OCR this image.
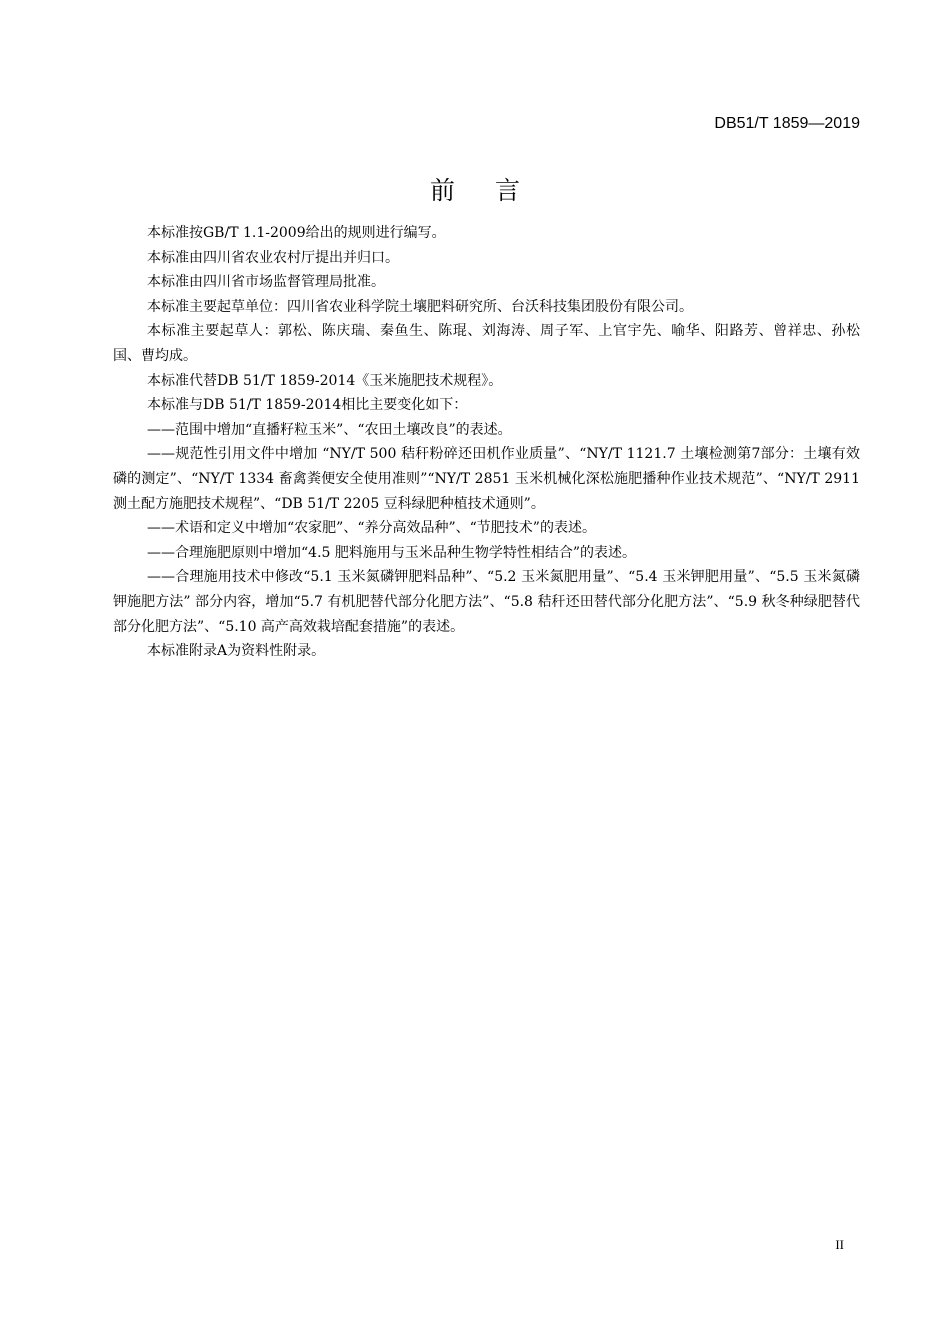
DB51/T 1859—2019
前言

本标准按GB/T 1.1-2009给出的规则进行编写。

本标准由四川省农业农村厅提出并归口。

本标准由四川省市场监督管理局批准。

本标准主要起草单位：四川省农业科学院土壤肥料研究所、台沃科技集团股份有限公司。

本标准主要起草人：郭松、陈庆瑞、秦鱼生、陈琨、刘海涛、周子军、上官宇先、喻华、阳路芳、曾祥忠、孙松国、曹均成。

本标准代替DB 51/T 1859-2014《玉米施肥技术规程》。

本标准与DB 51/T 1859-2014相比主要变化如下：

——范围中增加“直播籽粒玉米”、“农田土壤改良”的表述。

——规范性引用文件中增加 “NY/T 500 秸秆粉碎还田机作业质量”、“NY/T 1121.7 土壤检测第7部分：土壤有效磷的测定”、“NY/T 1334 畜禽粪便安全使用准则”“NY/T 2851 玉米机械化深松施肥播种作业技术规范”、“NY/T 2911 测土配方施肥技术规程”、“DB 51/T 2205 豆科绿肥种植技术通则”。

——术语和定义中增加“农家肥”、“养分高效品种”、“节肥技术”的表述。

——合理施肥原则中增加“4.5 肥料施用与玉米品种生物学特性相结合”的表述。

——合理施用技术中修改“5.1 玉米氮磷钾肥料品种”、“5.2 玉米氮肥用量”、“5.4 玉米钾肥用量”、“5.5 玉米氮磷钾施肥方法” 部分内容，增加“5.7 有机肥替代部分化肥方法”、“5.8 秸秆还田替代部分化肥方法”、“5.9 秋冬种绿肥替代部分化肥方法”、“5.10 高产高效栽培配套措施”的表述。

本标准附录A为资料性附录。

II
